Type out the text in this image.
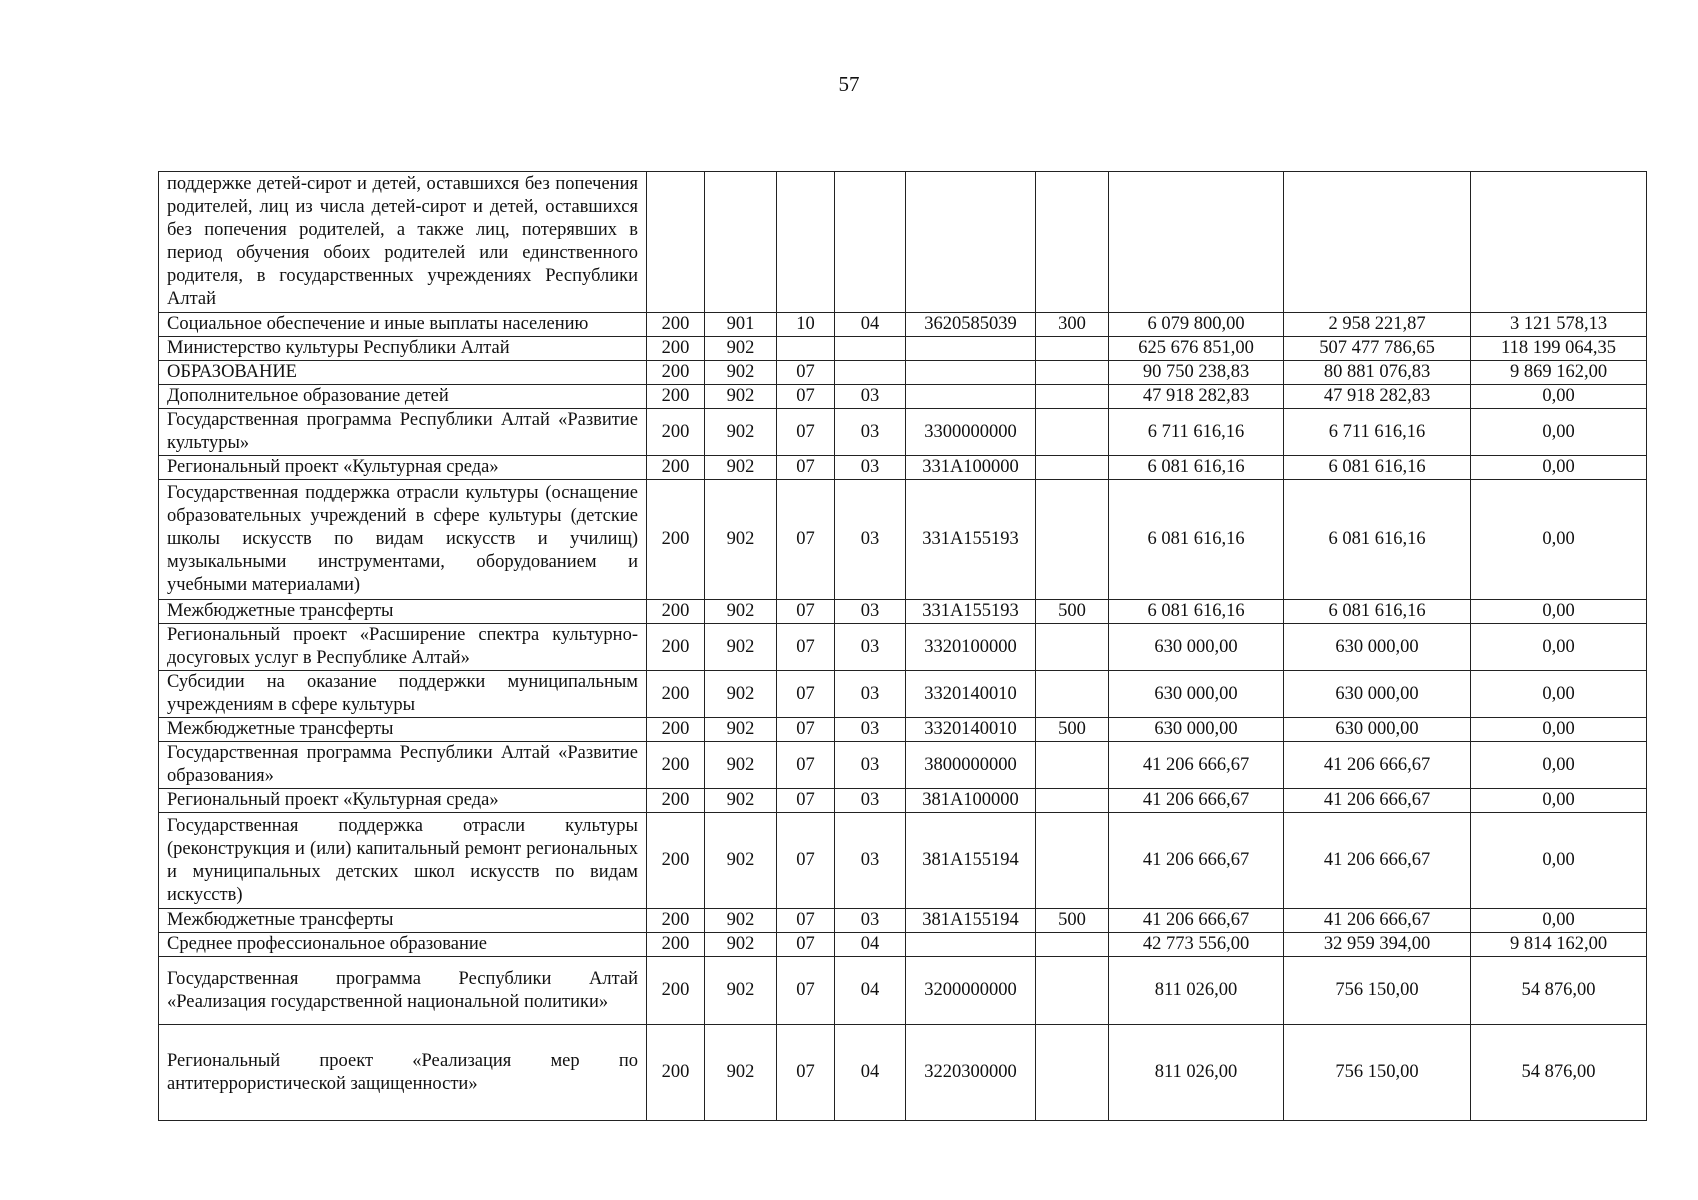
57
поддержке детей-сирот и детей, оставшихся без попечения родителей, лиц из числа детей-сирот и детей, оставшихся без попечения родителей, а также лиц, потерявших в период обучения обоих родителей или единственного родителя, в государственных учреждениях Республики Алтай									
Социальное обеспечение и иные выплаты населению	200	901	10	04	3620585039	300	6 079 800,00	2 958 221,87	3 121 578,13
Министерство культуры Республики Алтай	200	902					625 676 851,00	507 477 786,65	118 199 064,35
ОБРАЗОВАНИЕ	200	902	07				90 750 238,83	80 881 076,83	9 869 162,00
Дополнительное образование детей	200	902	07	03			47 918 282,83	47 918 282,83	0,00
Государственная программа Республики Алтай «Развитие культуры»	200	902	07	03	3300000000		6 711 616,16	6 711 616,16	0,00
Региональный проект «Культурная среда»	200	902	07	03	331A100000		6 081 616,16	6 081 616,16	0,00
Государственная поддержка отрасли культуры (оснащение образовательных учреждений в сфере культуры (детские школы искусств по видам искусств и училищ) музыкальными инструментами, оборудованием и учебными материалами)	200	902	07	03	331A155193		6 081 616,16	6 081 616,16	0,00
Межбюджетные трансферты	200	902	07	03	331A155193	500	6 081 616,16	6 081 616,16	0,00
Региональный проект «Расширение спектра культурно-досуговых услуг в Республике Алтай»	200	902	07	03	3320100000		630 000,00	630 000,00	0,00
Субсидии на оказание поддержки муниципальным учреждениям в сфере культуры	200	902	07	03	3320140010		630 000,00	630 000,00	0,00
Межбюджетные трансферты	200	902	07	03	3320140010	500	630 000,00	630 000,00	0,00
Государственная программа Республики Алтай «Развитие образования»	200	902	07	03	3800000000		41 206 666,67	41 206 666,67	0,00
Региональный проект «Культурная среда»	200	902	07	03	381A100000		41 206 666,67	41 206 666,67	0,00
Государственная поддержка отрасли культуры (реконструкция и (или) капитальный ремонт региональных и муниципальных детских школ искусств по видам искусств)	200	902	07	03	381A155194		41 206 666,67	41 206 666,67	0,00
Межбюджетные трансферты	200	902	07	03	381A155194	500	41 206 666,67	41 206 666,67	0,00
Среднее профессиональное образование	200	902	07	04			42 773 556,00	32 959 394,00	9 814 162,00
Государственная программа Республики Алтай «Реализация государственной национальной политики»	200	902	07	04	3200000000		811 026,00	756 150,00	54 876,00
Региональный проект «Реализация мер по антитеррористической защищенности»	200	902	07	04	3220300000		811 026,00	756 150,00	54 876,00
